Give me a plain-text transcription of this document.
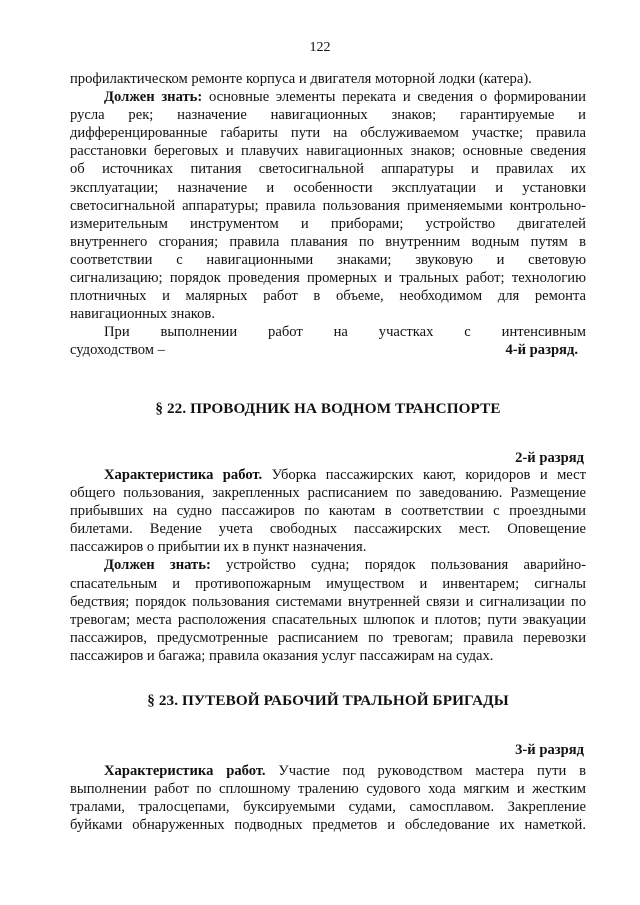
122
профилактическом ремонте корпуса и двигателя моторной лодки (катера).
Должен знать: основные элементы переката и сведения о формировании
русла рек; назначение навигационных знаков; гарантируемые и
дифференцированные габариты пути на обслуживаемом участке; правила
расстановки береговых и плавучих навигационных знаков; основные сведения
об источниках питания светосигнальной аппаратуры и правилах их
эксплуатации; назначение и особенности эксплуатации и установки
светосигнальной аппаратуры; правила пользования применяемыми контрольно-
измерительным инструментом и приборами; устройство двигателей
внутреннего сгорания; правила плавания по внутренним водным путям в
соответствии с навигационными знаками; звуковую и световую
сигнализацию; порядок проведения промерных и тральных работ; технологию
плотничных и малярных работ в объеме, необходимом для ремонта
навигационных знаков.
При выполнении работ на участках с интенсивным
судоходством –	4-й разряд.
§ 22. ПРОВОДНИК НА ВОДНОМ ТРАНСПОРТЕ
2-й разряд
Характеристика работ. Уборка пассажирских кают, коридоров и мест
общего пользования, закрепленных расписанием по заведованию. Размещение
прибывших на судно пассажиров по каютам в соответствии с проездными
билетами. Ведение учета свободных пассажирских мест. Оповещение
пассажиров о прибытии их в пункт назначения.
Должен знать: устройство судна; порядок пользования аварийно-
спасательным и противопожарным имуществом и инвентарем; сигналы
бедствия; порядок пользования системами внутренней связи и сигнализации по
тревогам; места расположения спасательных шлюпок и плотов; пути эвакуации
пассажиров, предусмотренные расписанием по тревогам; правила перевозки
пассажиров и багажа; правила оказания услуг пассажирам на судах.
§ 23. ПУТЕВОЙ РАБОЧИЙ ТРАЛЬНОЙ БРИГАДЫ
3-й разряд
Характеристика работ. Участие под руководством мастера пути в
выполнении работ по сплошному тралению судового хода мягким и жестким
тралами, тралосцепами, буксируемыми судами, самосплавом. Закрепление
буйками обнаруженных подводных предметов и обследование их наметкой.
